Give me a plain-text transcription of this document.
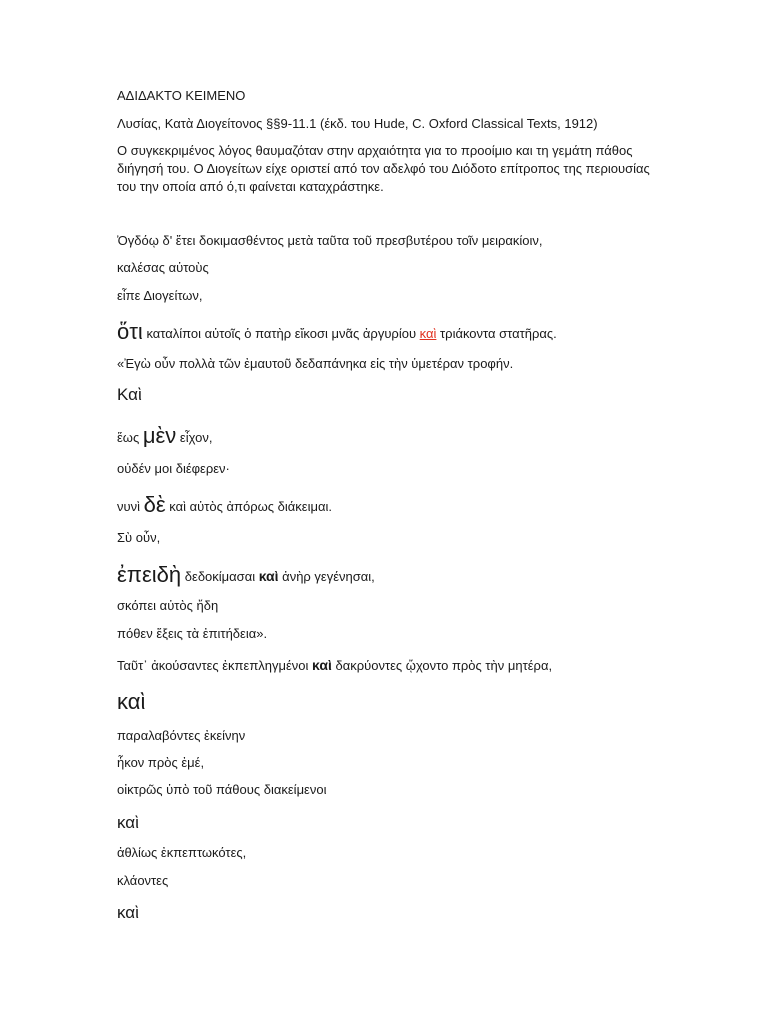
ΑΔΙΔΑΚΤΟ ΚΕΙΜΕΝΟ
Λυσίας, Κατὰ Διογείτονος §§9-11.1 (έκδ. του Hude, C. Oxford Classical Texts, 1912)
Ο συγκεκριμένος λόγος θαυμαζόταν στην αρχαιότητα για το προοίμιο και τη γεμάτη πάθος διήγησή του. Ο Διογείτων είχε οριστεί από τον αδελφό του Διόδοτο επίτροπος της περιουσίας του την οποία από ό,τι φαίνεται καταχράστηκε.
Ὀγδόῳ δ' ἔτει δοκιμασθέντος μετὰ ταῦτα τοῦ πρεσβυτέρου τοῖν μειρακίοιν,
καλέσας αὐτοὺς
εἶπε Διογείτων,
ὅτι καταλίποι αὐτοῖς ὁ πατὴρ εἴκοσι μνᾶς ἀργυρίου καὶ τριάκοντα στατῆρας.
«Ἐγὼ οὖν πολλὰ τῶν ἐμαυτοῦ δεδαπάνηκα εἰς τὴν ὑμετέραν τροφήν.
Καὶ
ἕως μὲν εἶχον,
οὐδέν μοι διέφερεν·
νυνὶ δὲ καὶ αὐτὸς ἀπόρως διάκειμαι.
Σὺ οὖν,
ἐπειδὴ δεδοκίμασαι καὶ ἀνὴρ γεγένησαι,
σκόπει αὐτὸς ἤδη
πόθεν ἕξεις τὰ ἐπιτήδεια».
Ταῦτ᾽ ἀκούσαντες ἐκπεπληγμένοι καὶ δακρύοντες ᾤχοντο πρὸς τὴν μητέρα,
καὶ
παραλαβόντες ἐκείνην
ἧκον πρὸς ἐμέ,
οἰκτρῶς ὑπὸ τοῦ πάθους διακείμενοι
καὶ
ἀθλίως ἐκπεπτωκότες,
κλάοντες
καὶ
